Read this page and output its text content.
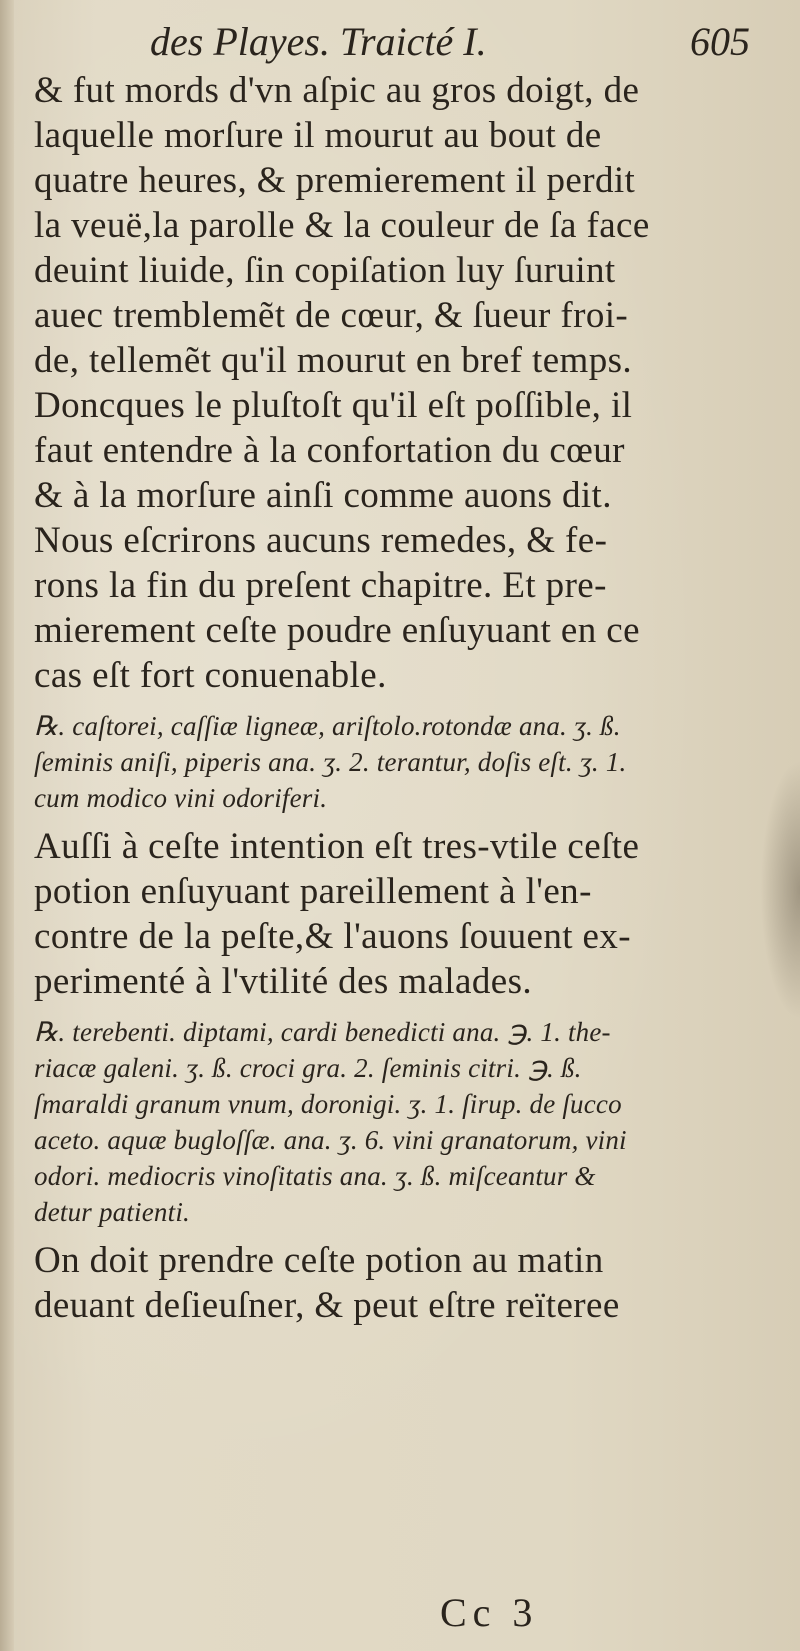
des Playes. Traicté I.	605
& fut mords d'vn aſpic au gros doigt, de
laquelle morſure il mourut au bout de
quatre heures, & premierement il perdit
la veuë,la parolle & la couleur de ſa face
deuint liuide, ſin copiſation luy ſuruint
auec tremblemẽt de cœur, & ſueur froi-
de, tellemẽt qu'il mourut en bref temps.
Doncques le pluſtoſt qu'il eſt poſſible, il
faut entendre à la confortation du cœur
& à la morſure ainſi comme auons dit.
Nous eſcrirons aucuns remedes, & fe-
rons la fin du preſent chapitre. Et pre-
mierement ceſte poudre enſuyuant en ce
cas eſt fort conuenable.
℞. caſtorei, caſſiæ ligneæ, ariſtolo.rotondæ ana. ʒ. ß.
ſeminis aniſi, piperis ana. ʒ. 2. terantur, doſis eſt. ʒ. 1.
cum modico vini odoriferi.
Auſſi à ceſte intention eſt tres-vtile ceſte
potion enſuyuant pareillement à l'en-
contre de la peſte,& l'auons ſouuent ex-
perimenté à l'vtilité des malades.
℞. terebenti. diptami, cardi benedicti ana. ℈. 1. the-
riacæ galeni. ʒ. ß. croci gra. 2. ſeminis citri. ℈. ß.
ſmaraldi granum vnum, doronigi. ʒ. 1. ſirup. de ſucco
aceto. aquæ bugloſſæ. ana. ʒ. 6. vini granatorum, vini
odori. mediocris vinoſitatis ana. ʒ. ß. miſceantur &
detur patienti.
On doit prendre ceſte potion au matin
deuant deſieuſner, & peut eſtre reïteree
Cc 3
